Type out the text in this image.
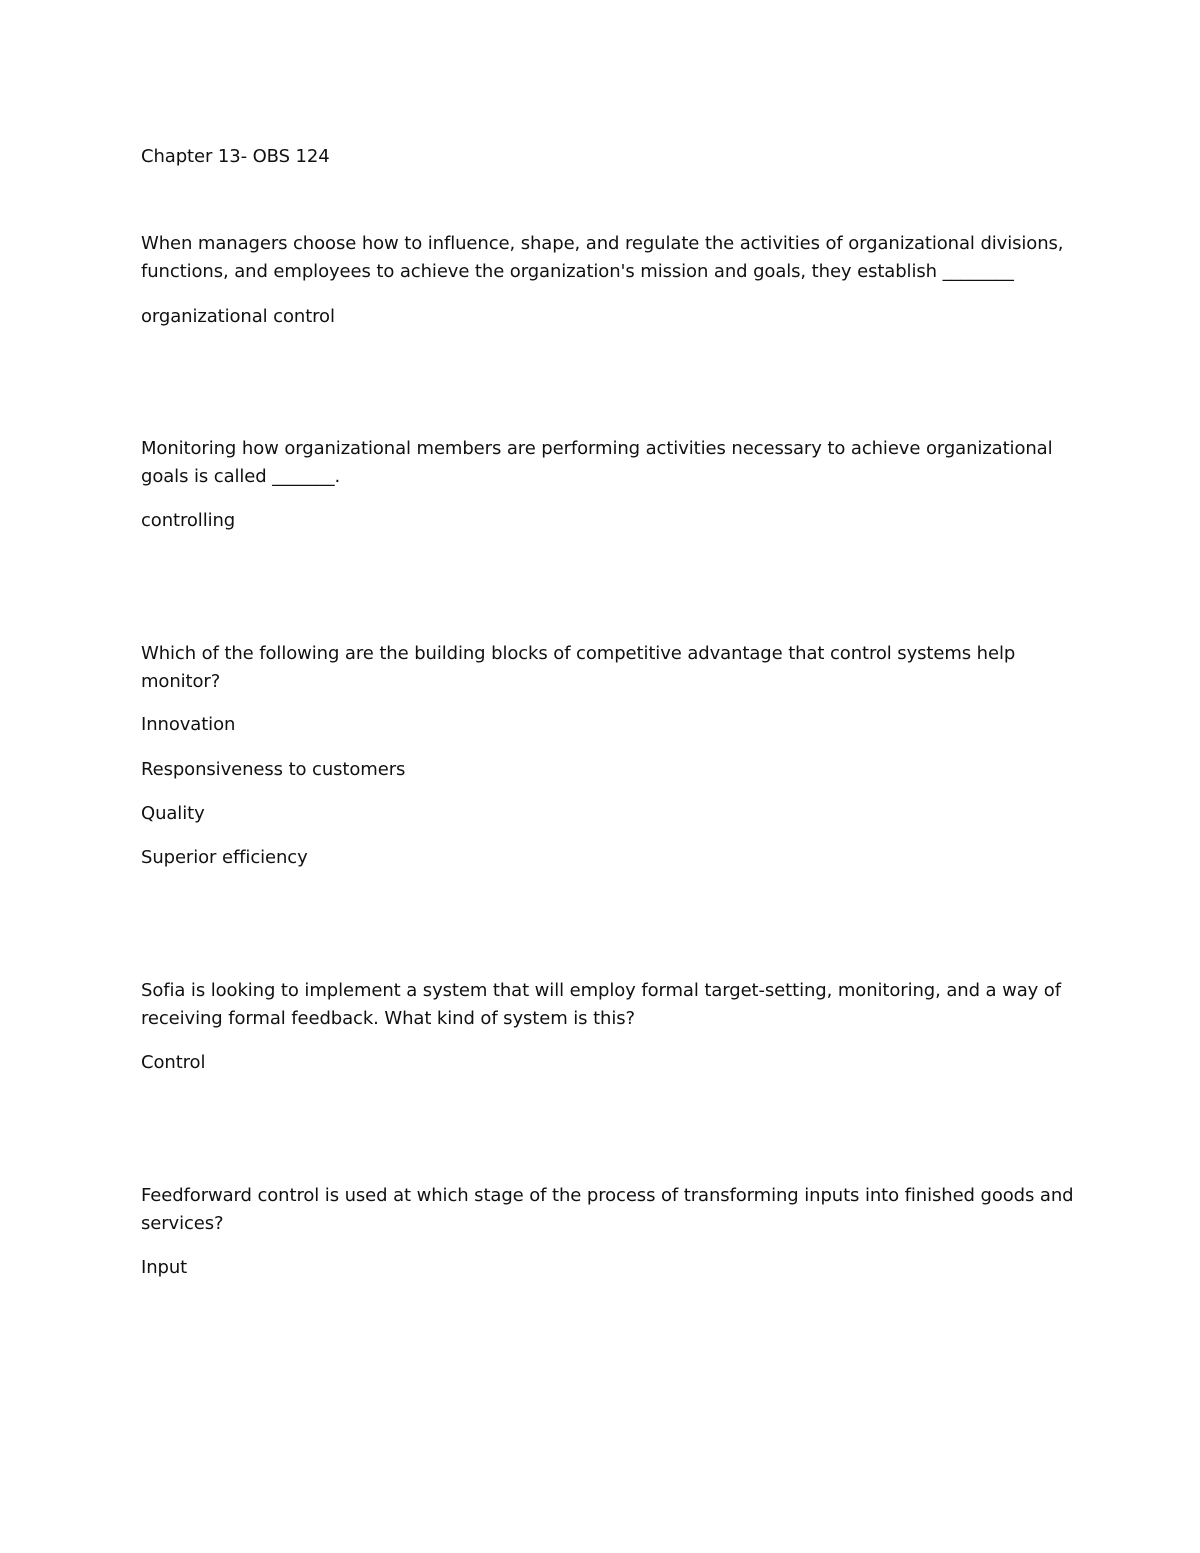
Chapter 13- OBS 124

When managers choose how to influence, shape, and regulate the activities of organizational divisions,

functions, and employees to achieve the organization's mission and goals, they establish ________

organizational control

Monitoring how organizational members are performing activities necessary to achieve organizational

goals is called _______.

controlling

Which of the following are the building blocks of competitive advantage that control systems help

monitor?

Innovation

Responsiveness to customers

Quality

Superior efficiency

Sofia is looking to implement a system that will employ formal target-setting, monitoring, and a way of

receiving formal feedback. What kind of system is this?

Control

Feedforward control is used at which stage of the process of transforming inputs into finished goods and

services?

Input
